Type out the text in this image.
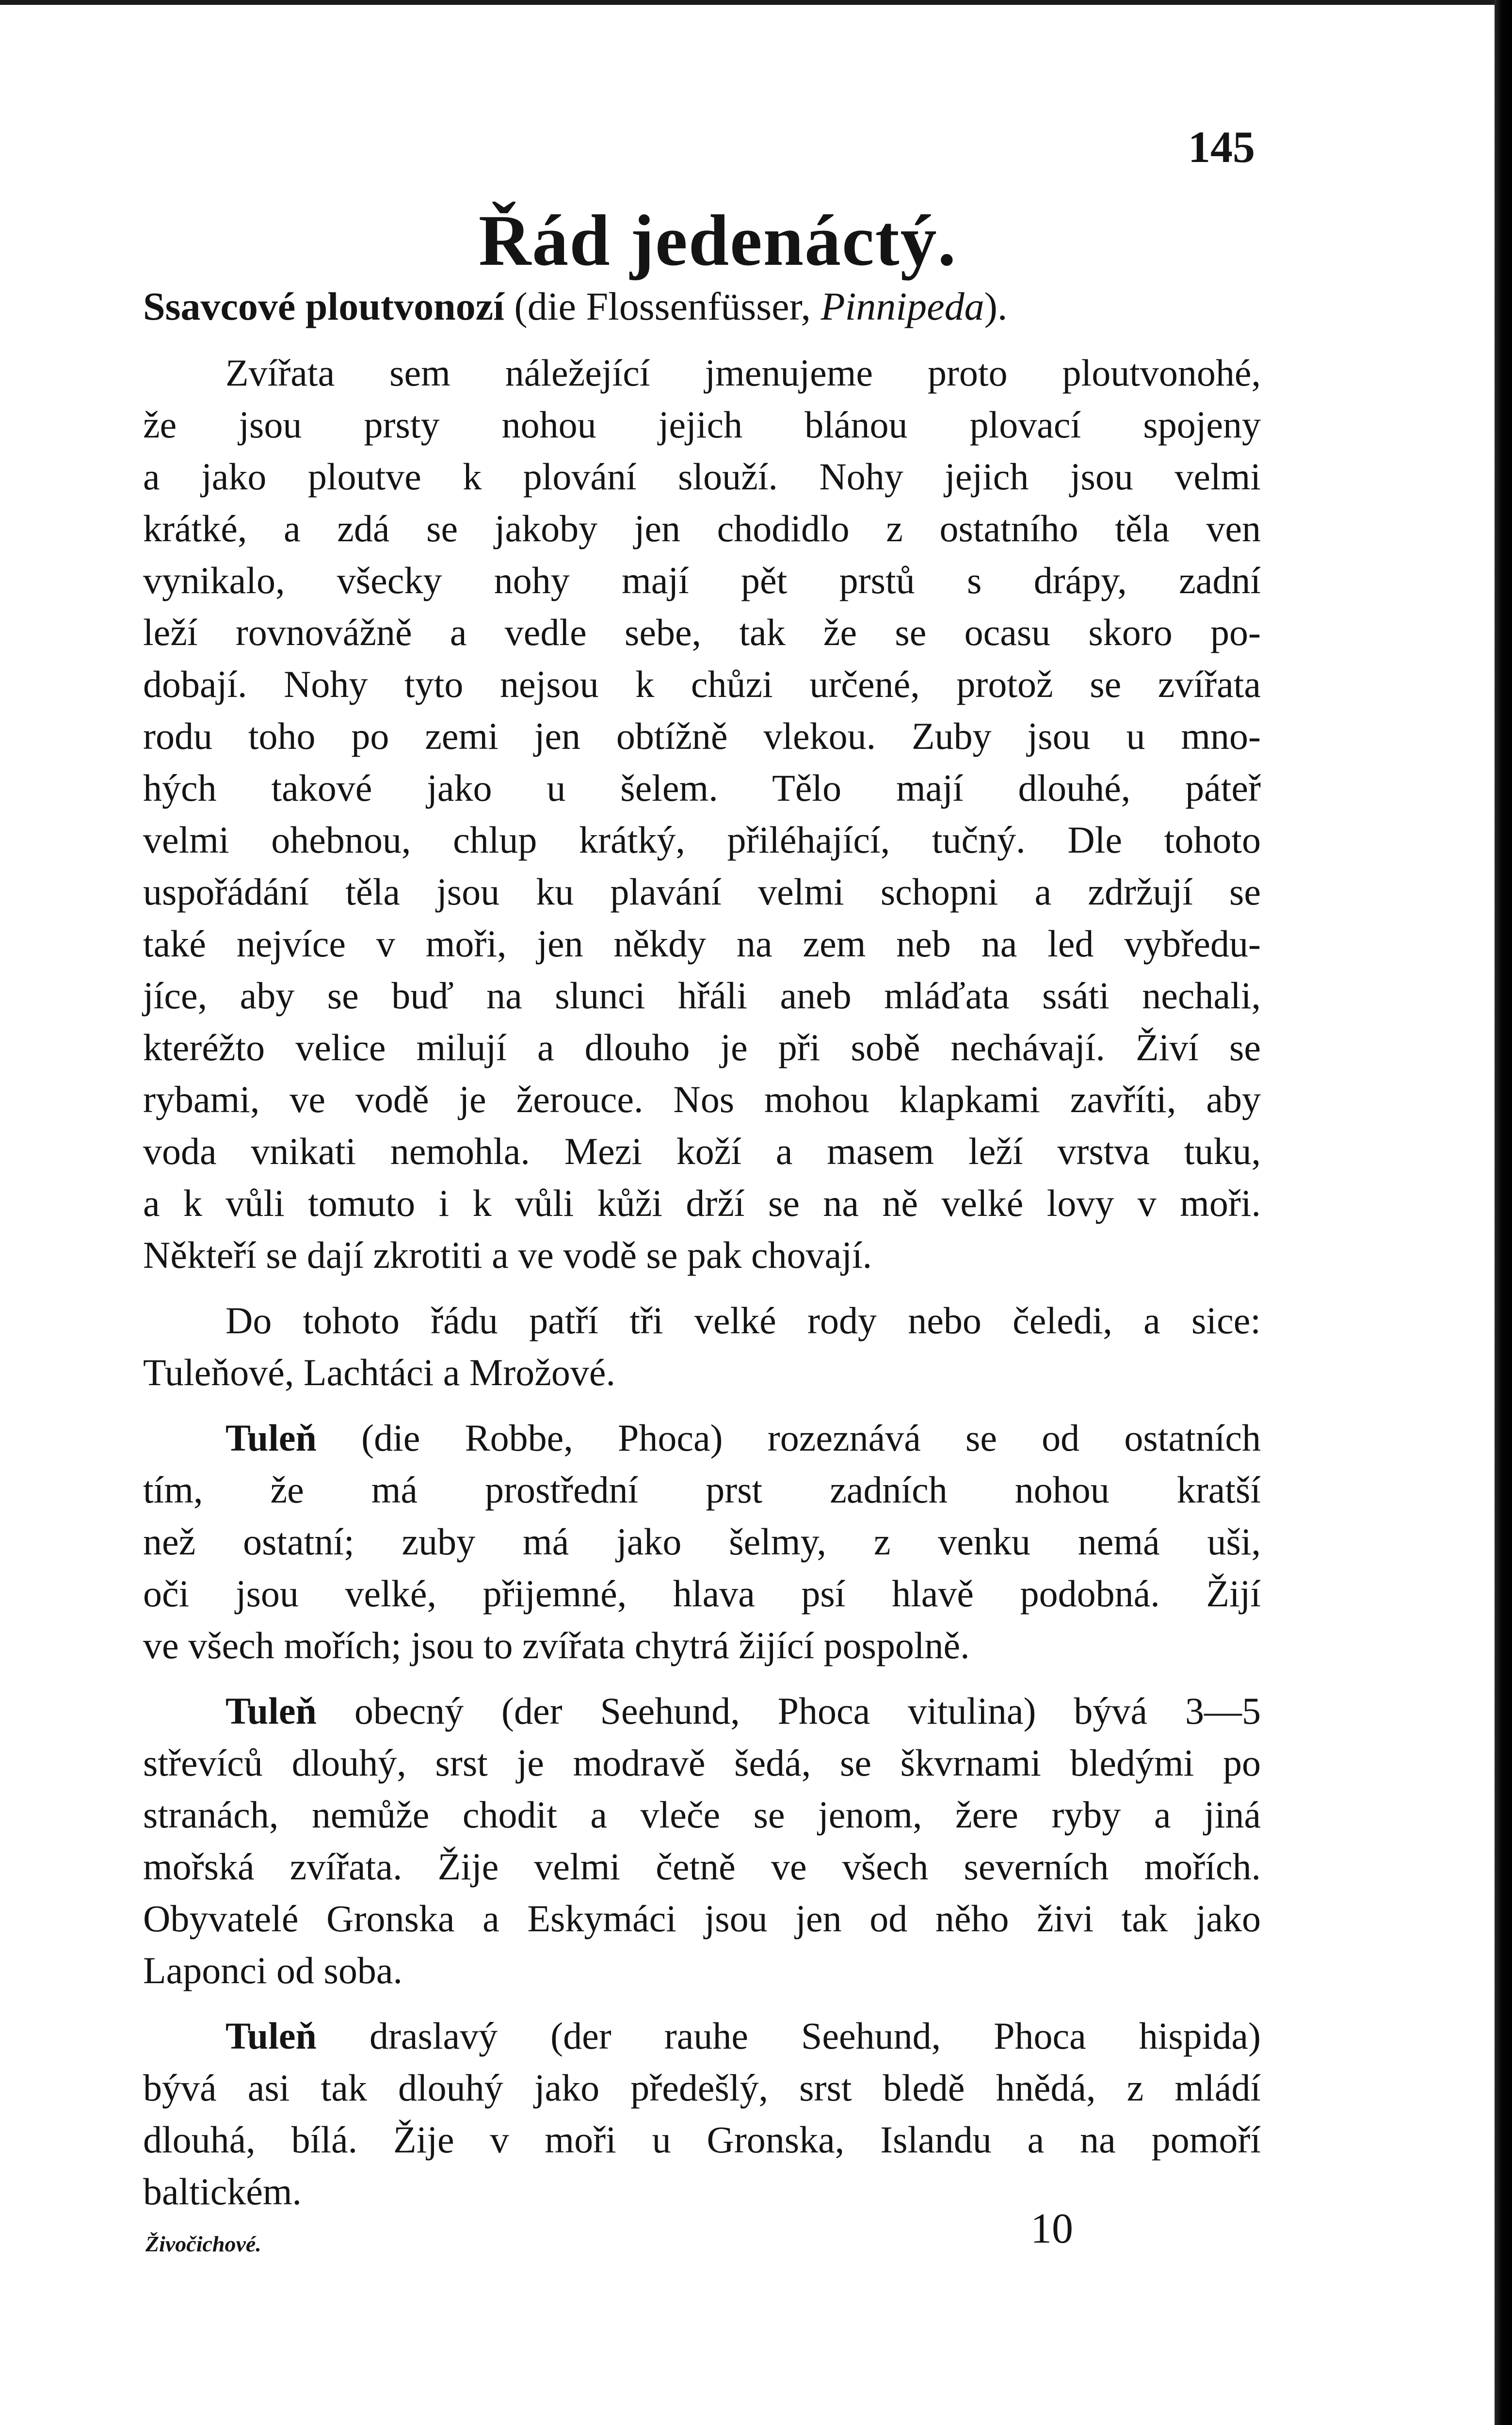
145
Řád jedenáctý.
Ssavcové ploutvonozí (die Flossenfüsser, Pinnipeda).
Zvířata sem náležející jmenujeme proto ploutvonohé,
že jsou prsty nohou jejich blánou plovací spojeny
a jako ploutve k plování slouží. Nohy jejich jsou velmi
krátké, a zdá se jakoby jen chodidlo z ostatního těla ven
vynikalo, všecky nohy mají pět prstů s drápy, zadní
leží rovnovážně a vedle sebe, tak že se ocasu skoro po-
dobají. Nohy tyto nejsou k chůzi určené, protož se zvířata
rodu toho po zemi jen obtížně vlekou. Zuby jsou u mno-
hých takové jako u šelem. Tělo mají dlouhé, páteř
velmi ohebnou, chlup krátký, přiléhající, tučný. Dle tohoto
uspořádání těla jsou ku plavání velmi schopni a zdržují se
také nejvíce v moři, jen někdy na zem neb na led vybředu-
jíce, aby se buď na slunci hřáli aneb mláďata ssáti nechali,
kteréžto velice milují a dlouho je při sobě nechávají. Živí se
rybami, ve vodě je žerouce. Nos mohou klapkami zavříti, aby
voda vnikati nemohla. Mezi koží a masem leží vrstva tuku,
a k vůli tomuto i k vůli kůži drží se na ně velké lovy v moři.
Někteří se dají zkrotiti a ve vodě se pak chovají.
Do tohoto řádu patří tři velké rody nebo čeledi, a sice:
Tuleňové, Lachtáci a Mrožové.
Tuleň (die Robbe, Phoca) rozeznává se od ostatních
tím, že má prostřední prst zadních nohou kratší
než ostatní; zuby má jako šelmy, z venku nemá uši,
oči jsou velké, přijemné, hlava psí hlavě podobná. Žijí
ve všech mořích; jsou to zvířata chytrá žijící pospolně.
Tuleň obecný (der Seehund, Phoca vitulina) bývá 3—5
střevíců dlouhý, srst je modravě šedá, se škvrnami bledými po
stranách, nemůže chodit a vleče se jenom, žere ryby a jiná
mořská zvířata. Žije velmi četně ve všech severních mořích.
Obyvatelé Gronska a Eskymáci jsou jen od něho živi tak jako
Laponci od soba.
Tuleň draslavý (der rauhe Seehund, Phoca hispida)
bývá asi tak dlouhý jako předešlý, srst bledě hnědá, z mládí
dlouhá, bílá. Žije v moři u Gronska, Islandu a na pomoří
baltickém.
Živočichové.	10
